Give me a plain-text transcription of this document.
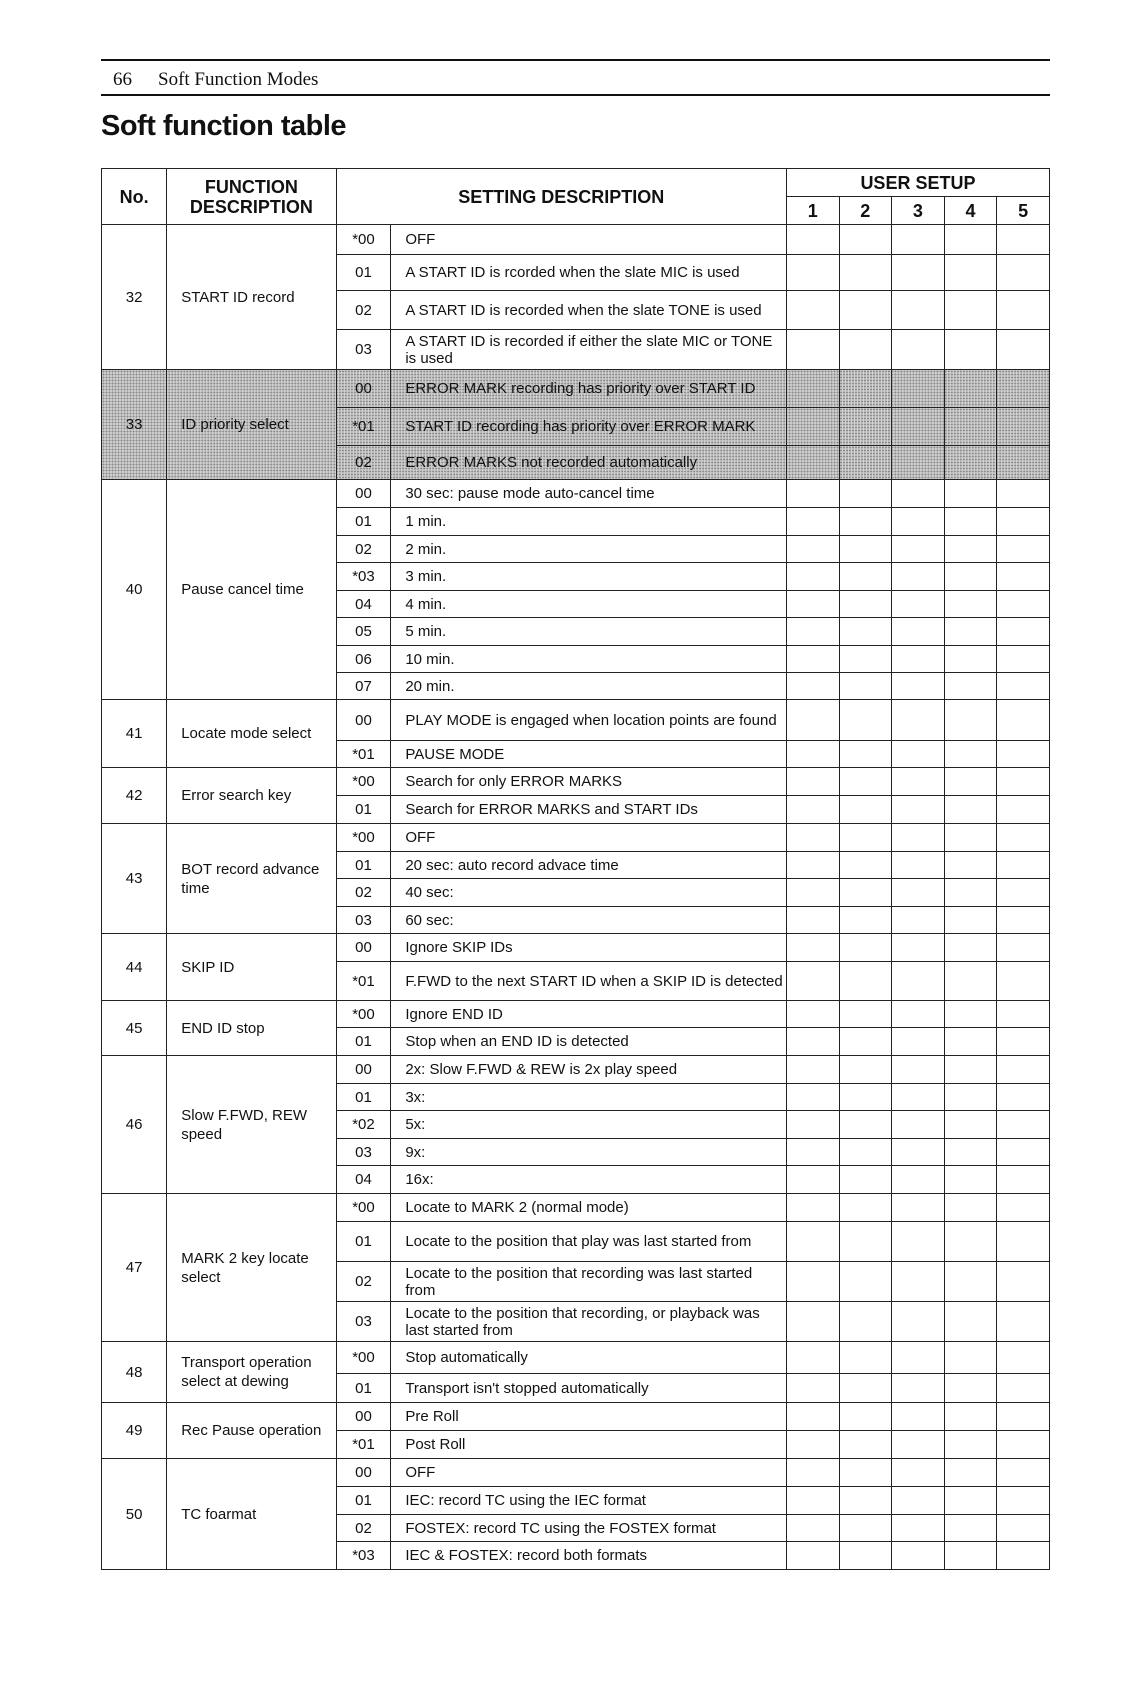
66 Soft Function Modes
Soft function table
No.	FUNCTION
DESCRIPTION	SETTING DESCRIPTION		USER SETUP				
				1	2	3	4	5
32	START ID record	*00	OFF					
		01	A START ID is rcorded when the slate MIC is used					
		02	A START ID is recorded when the slate TONE is used					
		03	A START ID is recorded if either the slate MIC or TONE is used					
33	ID priority select	00	ERROR MARK recording has priority over START ID					
		*01	START ID recording has priority over ERROR MARK					
		02	ERROR MARKS not recorded automatically					
40	Pause cancel time	00	30 sec: pause mode auto-cancel time					
		01	1 min.					
		02	2 min.					
		*03	3 min.					
		04	4 min.					
		05	5 min.					
		06	10 min.					
		07	20 min.					
41	Locate mode select	00	PLAY MODE is engaged when location points are found					
		*01	PAUSE MODE					
42	Error search key	*00	Search for only ERROR MARKS					
		01	Search for ERROR MARKS and START IDs					
43	BOT record advance time	*00	OFF					
		01	20 sec: auto record advace time					
		02	40 sec:					
		03	60 sec:					
44	SKIP ID	00	Ignore SKIP IDs					
		*01	F.FWD to the next START ID when a SKIP ID is detected					
45	END ID stop	*00	Ignore END ID					
		01	Stop when an END ID is detected					
46	Slow F.FWD, REW speed	00	2x: Slow F.FWD & REW is 2x play speed					
		01	3x:					
		*02	5x:					
		03	9x:					
		04	16x:					
47	MARK 2 key locate select	*00	Locate to MARK 2 (normal mode)					
		01	Locate to the position that play was last started from					
		02	Locate to the position that recording was last started from					
		03	Locate to the position that recording, or playback was last started from					
48	Transport operation select at dewing	*00	Stop automatically					
		01	Transport isn't stopped automatically					
49	Rec Pause operation	00	Pre Roll					
		*01	Post Roll					
50	TC foarmat	00	OFF					
		01	IEC: record TC using the IEC format					
		02	FOSTEX: record TC using the FOSTEX format					
		*03	IEC & FOSTEX: record both formats					
